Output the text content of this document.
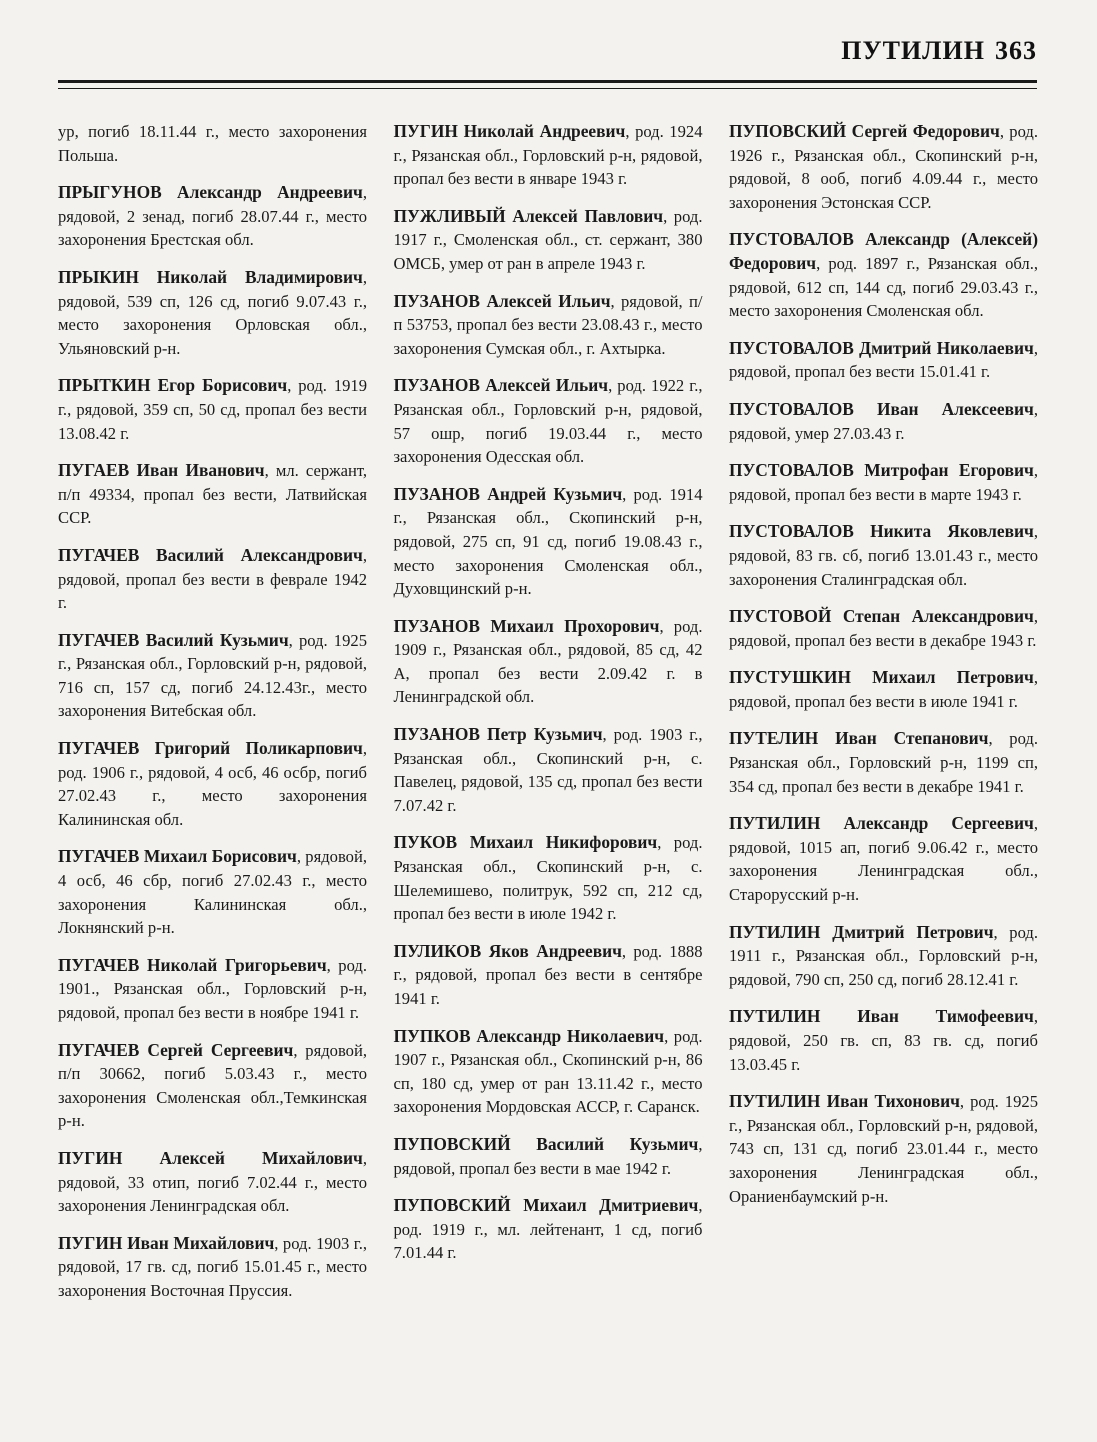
ПУТИЛИН 363

ур, погиб 18.11.44 г., место захоронения Польша.

ПРЫГУНОВ Александр Андреевич, рядовой, 2 зенад, погиб 28.07.44 г., место захоронения Брестская обл.

ПРЫКИН Николай Владимирович, рядовой, 539 сп, 126 сд, погиб 9.07.43 г., место захоронения Орловская обл., Ульяновский р-н.

ПРЫТКИН Егор Борисович, род. 1919 г., рядовой, 359 сп, 50 сд, пропал без вести 13.08.42 г.

ПУГАЕВ Иван Иванович, мл. сержант, п/п 49334, пропал без вести, Латвийская ССР.

ПУГАЧЕВ Василий Александрович, рядовой, пропал без вести в феврале 1942 г.

ПУГАЧЕВ Василий Кузьмич, род. 1925 г., Рязанская обл., Горловский р-н, рядовой, 716 сп, 157 сд, погиб 24.12.43г., место захоронения Витебская обл.

ПУГАЧЕВ Григорий Поликарпович, род. 1906 г., рядовой, 4 осб, 46 осбр, погиб 27.02.43 г., место захоронения Калининская обл.

ПУГАЧЕВ Михаил Борисович, рядовой, 4 осб, 46 сбр, погиб 27.02.43 г., место захоронения Калининская обл., Локнянский р-н.

ПУГАЧЕВ Николай Григорьевич, род. 1901., Рязанская обл., Горловский р-н, рядовой, пропал без вести в ноябре 1941 г.

ПУГАЧЕВ Сергей Сергеевич, рядовой, п/п 30662, погиб 5.03.43 г., место захоронения Смоленская обл.,Темкинская р-н.

ПУГИН Алексей Михайлович, рядовой, 33 отип, погиб 7.02.44 г., место захоронения Ленинградская обл.

ПУГИН Иван Михайлович, род. 1903 г., рядовой, 17 гв. сд, погиб 15.01.45 г., место захоронения Восточная Пруссия.

ПУГИН Николай Андреевич, род. 1924 г., Рязанская обл., Горловский р-н, рядовой, пропал без вести в январе 1943 г.

ПУЖЛИВЫЙ Алексей Павлович, род. 1917 г., Смоленская обл., ст. сержант, 380 ОМСБ, умер от ран в апреле 1943 г.

ПУЗАНОВ Алексей Ильич, рядовой, п/п 53753, пропал без вести 23.08.43 г., место захоронения Сумская обл., г. Ахтырка.

ПУЗАНОВ Алексей Ильич, род. 1922 г., Рязанская обл., Горловский р-н, рядовой, 57 ошр, погиб 19.03.44 г., место захоронения Одесская обл.

ПУЗАНОВ Андрей Кузьмич, род. 1914 г., Рязанская обл., Скопинский р-н, рядовой, 275 сп, 91 сд, погиб 19.08.43 г., место захоронения Смоленская обл., Духовщинский р-н.

ПУЗАНОВ Михаил Прохорович, род. 1909 г., Рязанская обл., рядовой, 85 сд, 42 А, пропал без вести 2.09.42 г. в Ленинградской обл.

ПУЗАНОВ Петр Кузьмич, род. 1903 г., Рязанская обл., Скопинский р-н, с. Павелец, рядовой, 135 сд, пропал без вести 7.07.42 г.

ПУКОВ Михаил Никифорович, род. Рязанская обл., Скопинский р-н, с. Шелемишево, политрук, 592 сп, 212 сд, пропал без вести в июле 1942 г.

ПУЛИКОВ Яков Андреевич, род. 1888 г., рядовой, пропал без вести в сентябре 1941 г.

ПУПКОВ Александр Николаевич, род. 1907 г., Рязанская обл., Скопинский р-н, 86 сп, 180 сд, умер от ран 13.11.42 г., место захоронения Мордовская АССР, г. Саранск.

ПУПОВСКИЙ Василий Кузьмич, рядовой, пропал без вести в мае 1942 г.

ПУПОВСКИЙ Михаил Дмитриевич, род. 1919 г., мл. лейтенант, 1 сд, погиб 7.01.44 г.

ПУПОВСКИЙ Сергей Федорович, род. 1926 г., Рязанская обл., Скопинский р-н, рядовой, 8 ооб, погиб 4.09.44 г., место захоронения Эстонская ССР.

ПУСТОВАЛОВ Александр (Алексей) Федорович, род. 1897 г., Рязанская обл., рядовой, 612 сп, 144 сд, погиб 29.03.43 г., место захоронения Смоленская обл.

ПУСТОВАЛОВ Дмитрий Николаевич, рядовой, пропал без вести 15.01.41 г.

ПУСТОВАЛОВ Иван Алексеевич, рядовой, умер 27.03.43 г.

ПУСТОВАЛОВ Митрофан Егорович, рядовой, пропал без вести в марте 1943 г.

ПУСТОВАЛОВ Никита Яковлевич, рядовой, 83 гв. сб, погиб 13.01.43 г., место захоронения Сталинградская обл.

ПУСТОВОЙ Степан Александрович, рядовой, пропал без вести в декабре 1943 г.

ПУСТУШКИН Михаил Петрович, рядовой, пропал без вести в июле 1941 г.

ПУТЕЛИН Иван Степанович, род. Рязанская обл., Горловский р-н, 1199 сп, 354 сд, пропал без вести в декабре 1941 г.

ПУТИЛИН Александр Сергеевич, рядовой, 1015 ап, погиб 9.06.42 г., место захоронения Ленинградская обл., Старорусский р-н.

ПУТИЛИН Дмитрий Петрович, род. 1911 г., Рязанская обл., Горловский р-н, рядовой, 790 сп, 250 сд, погиб 28.12.41 г.

ПУТИЛИН Иван Тимофеевич, рядовой, 250 гв. сп, 83 гв. сд, погиб 13.03.45 г.

ПУТИЛИН Иван Тихонович, род. 1925 г., Рязанская обл., Горловский р-н, рядовой, 743 сп, 131 сд, погиб 23.01.44 г., место захоронения Ленинградская обл., Ораниенбаумский р-н.
